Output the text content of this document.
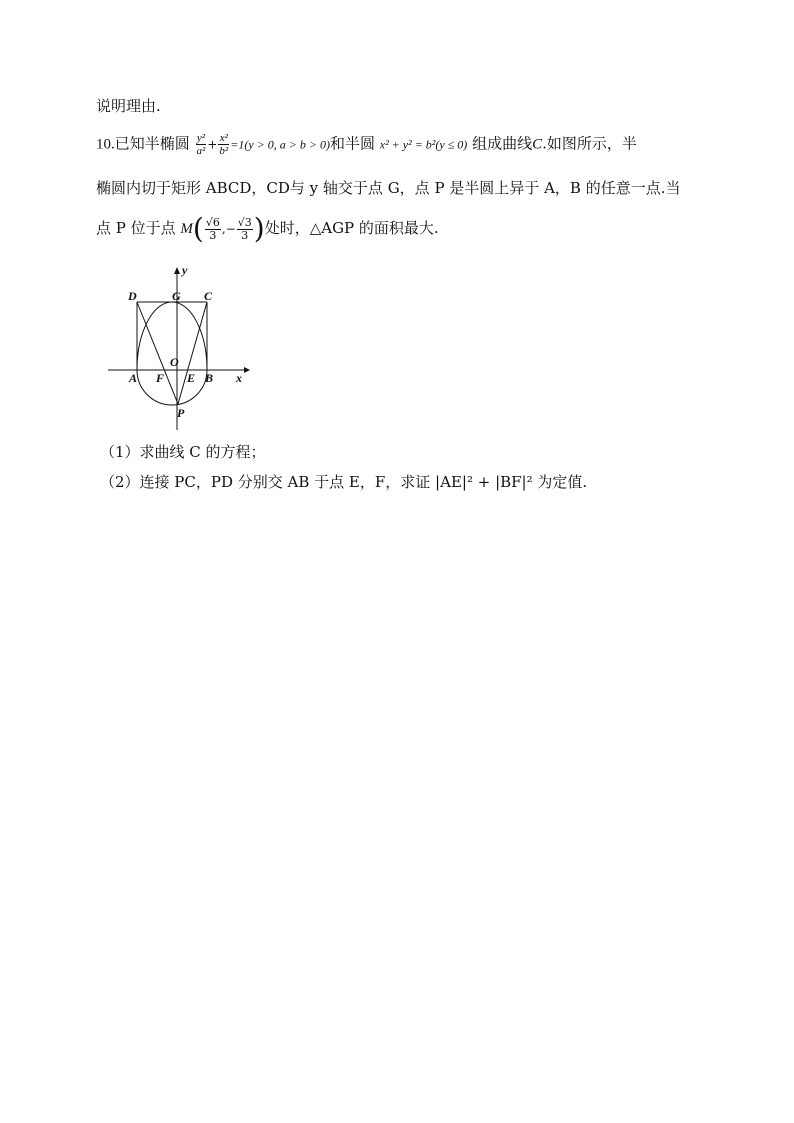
说明理由.
10.已知半椭圆 $\frac{\text{y²}}{\text{a²}} + \frac{\text{x²}}{\text{b²}} =1(y > 0$, a > b > 0)和半圆 x² + y² = b²(y ≤ 0) 组成曲线C.如图所示，半
椭圆内切于矩形 ABCD，CD与 y 轴交于点 G，点 P 是半圆上异于 A，B 的任意一点.当
点 P 位于点 $M( \frac{√6}{3}$ ,− $\frac{√3}{3}$ )处时，△AGP 的面积最大.
y
D	G C
O
A F E B x
P
（1）求曲线 C 的方程；
（2）连接 PC，PD 分别交 AB 于点 E，F，求证 |AE|² + |BF|² 为定值.
